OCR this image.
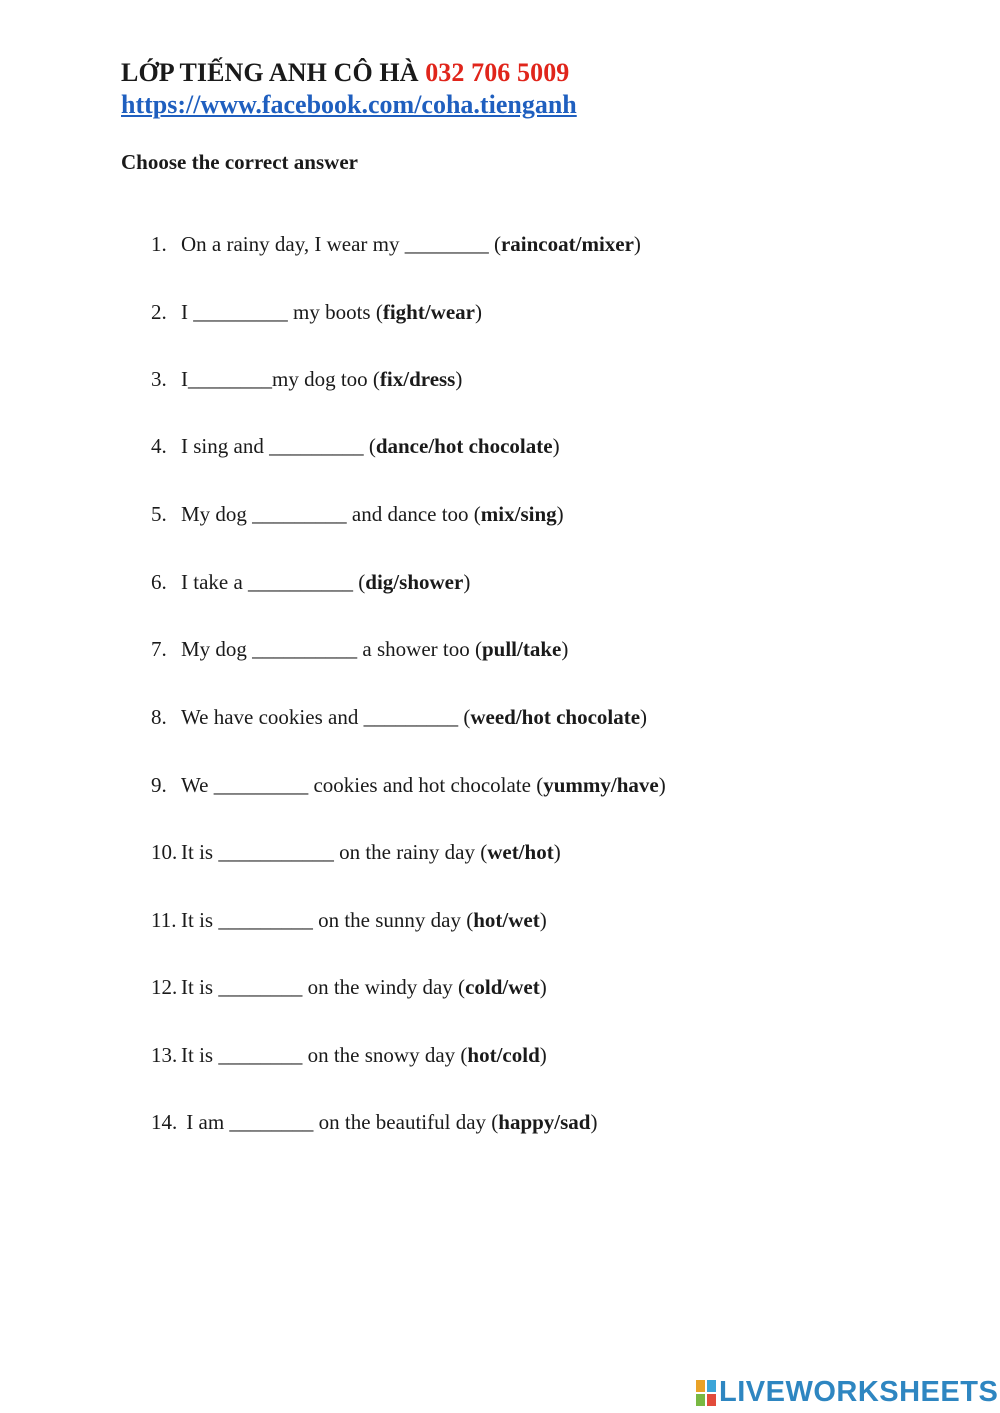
LỚP TIẾNG ANH CÔ HÀ 032 706 5009
https://www.facebook.com/coha.tienganh
Choose the correct answer
1. On a rainy day, I wear my ________ (raincoat/mixer)
2. I _________ my boots (fight/wear)
3. I________my dog too (fix/dress)
4. I sing and _________ (dance/hot chocolate)
5. My dog _________ and dance too (mix/sing)
6. I take a __________ (dig/shower)
7. My dog __________ a shower too (pull/take)
8. We have cookies and _________ (weed/hot chocolate)
9. We _________ cookies and hot chocolate (yummy/have)
10. It is ___________ on the rainy day (wet/hot)
11. It is _________ on the sunny day (hot/wet)
12. It is ________ on the windy day (cold/wet)
13. It is ________ on the snowy day (hot/cold)
14. I am ________ on the beautiful day (happy/sad)
LIVEWORKSHEETS
